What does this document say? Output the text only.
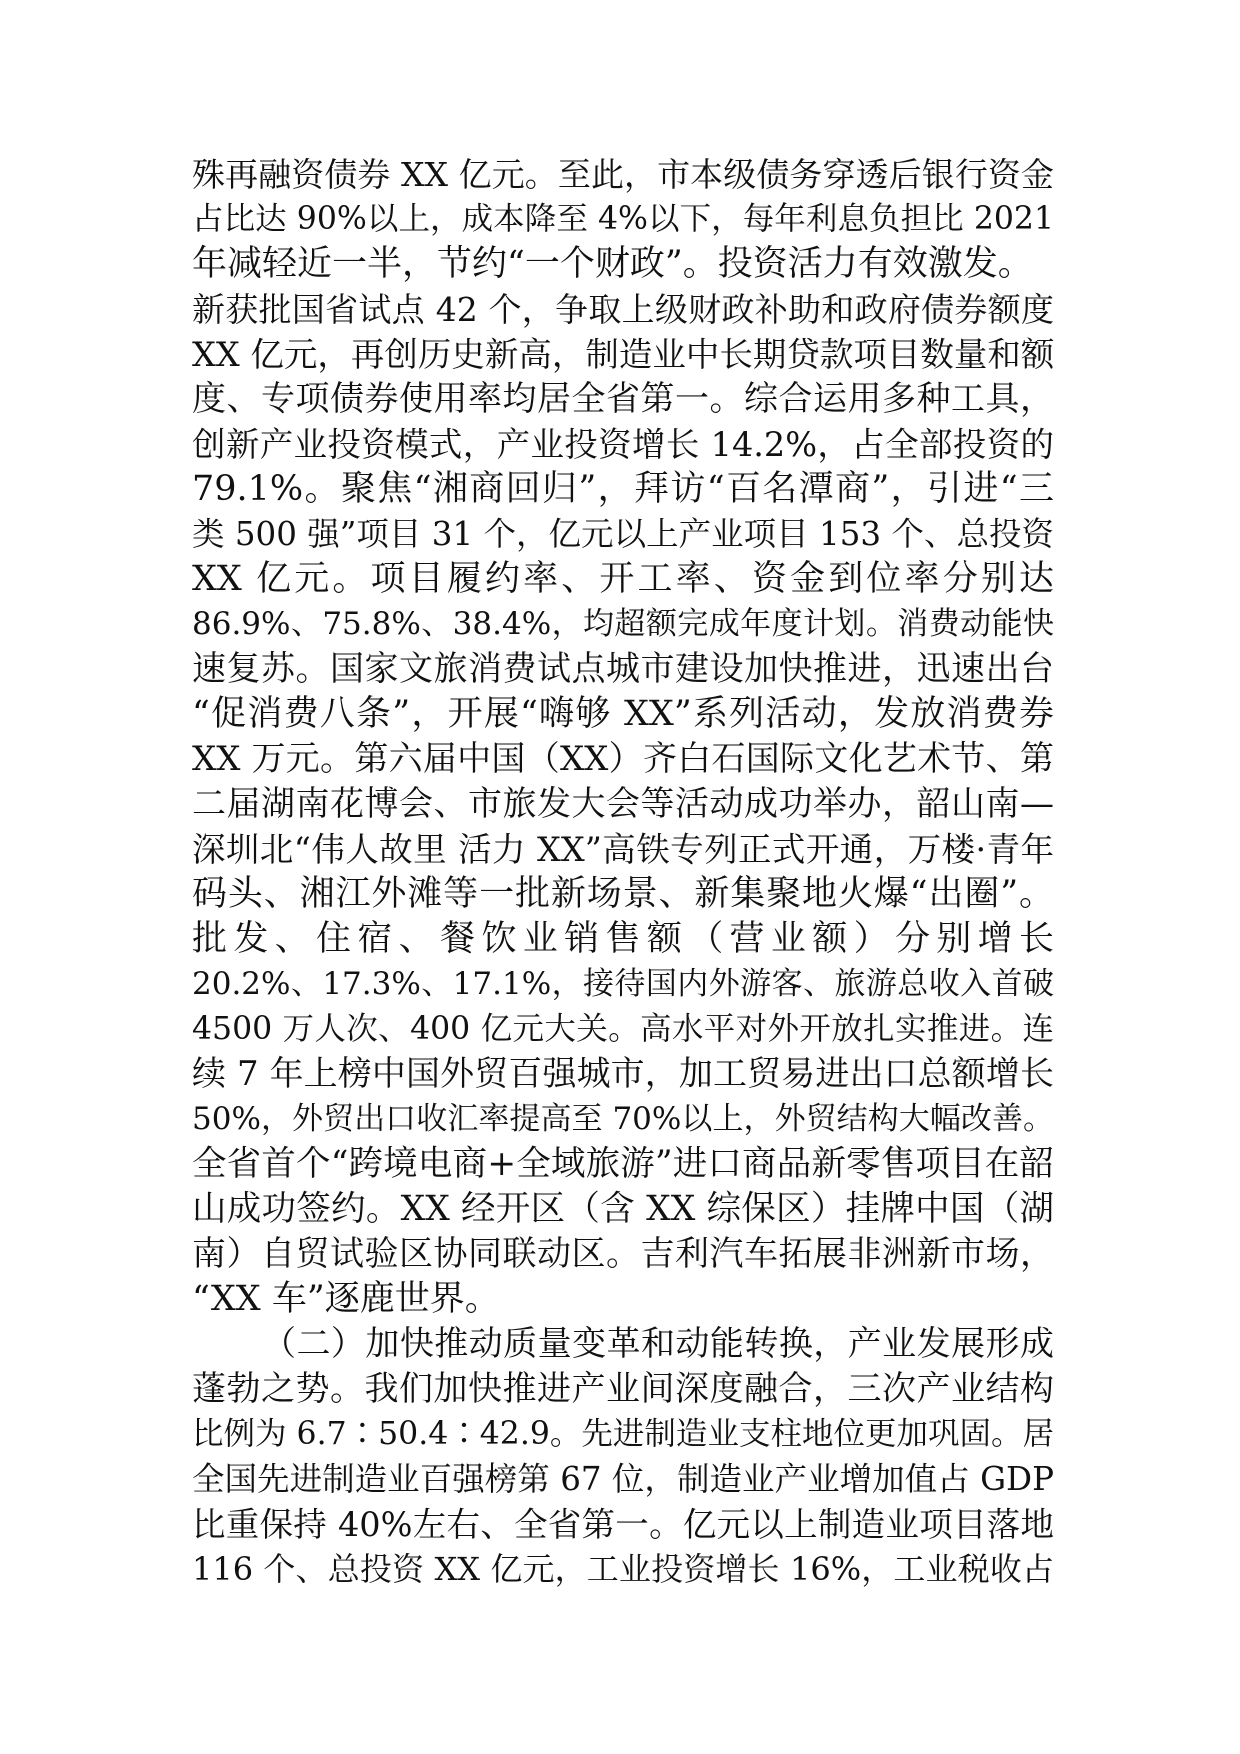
殊再融资债券 XX 亿元。至此，市本级债务穿透后银行资金
占比达 90%以上，成本降至 4%以下，每年利息负担比 2021
年减轻近一半，节约“一个财政”。投资活力有效激发。
新获批国省试点 42 个，争取上级财政补助和政府债券额度
XX 亿元，再创历史新高，制造业中长期贷款项目数量和额
度、专项债券使用率均居全省第一。综合运用多种工具，
创新产业投资模式，产业投资增长 14.2%，占全部投资的
79.1%。聚焦“湘商回归”，拜访“百名潭商”，引进“三
类 500 强”项目 31 个，亿元以上产业项目 153 个、总投资
XX 亿元。项目履约率、开工率、资金到位率分别达
86.9%、75.8%、38.4%，均超额完成年度计划。消费动能快
速复苏。国家文旅消费试点城市建设加快推进，迅速出台
“促消费八条”，开展“嗨够 XX”系列活动，发放消费券
XX 万元。第六届中国（XX）齐白石国际文化艺术节、第
二届湖南花博会、市旅发大会等活动成功举办，韶山南—
深圳北“伟人故里 活力 XX”高铁专列正式开通，万楼·青年
码头、湘江外滩等一批新场景、新集聚地火爆“出圈”。
批发、住宿、餐饮业销售额（营业额）分别增长
20.2%、17.3%、17.1%，接待国内外游客、旅游总收入首破
4500 万人次、400 亿元大关。高水平对外开放扎实推进。连
续 7 年上榜中国外贸百强城市，加工贸易进出口总额增长
50%，外贸出口收汇率提高至 70%以上，外贸结构大幅改善。
全省首个“跨境电商+全域旅游”进口商品新零售项目在韶
山成功签约。XX 经开区（含 XX 综保区）挂牌中国（湖
南）自贸试验区协同联动区。吉利汽车拓展非洲新市场，
“XX 车”逐鹿世界。
（二）加快推动质量变革和动能转换，产业发展形成
蓬勃之势。我们加快推进产业间深度融合，三次产业结构
比例为 6.7∶50.4∶42.9。先进制造业支柱地位更加巩固。居
全国先进制造业百强榜第 67 位，制造业产业增加值占 GDP
比重保持 40%左右、全省第一。亿元以上制造业项目落地
116 个、总投资 XX 亿元，工业投资增长 16%，工业税收占
